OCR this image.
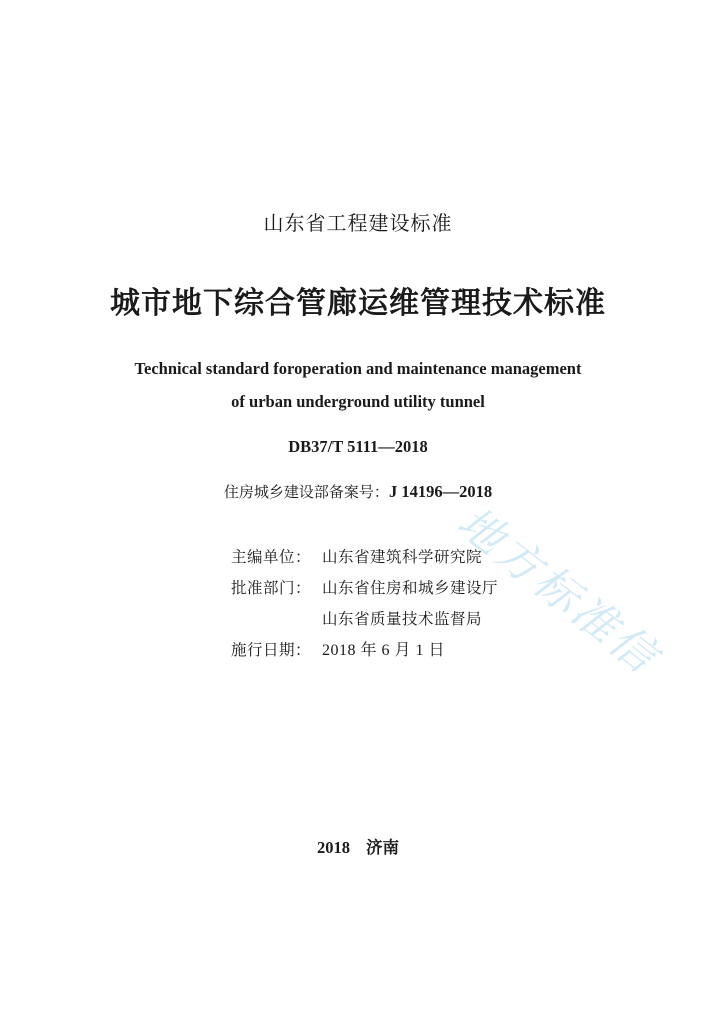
地方标准信
山东省工程建设标准
城市地下综合管廊运维管理技术标准
Technical standard foroperation and maintenance management
of urban underground utility tunnel
DB37/T 5111—2018
住房城乡建设部备案号：J 14196—2018
主编单位： 山东省建筑科学研究院
批准部门： 山东省住房和城乡建设厅
山东省质量技术监督局
施行日期： 2018 年 6 月 1 日
2018 济南
